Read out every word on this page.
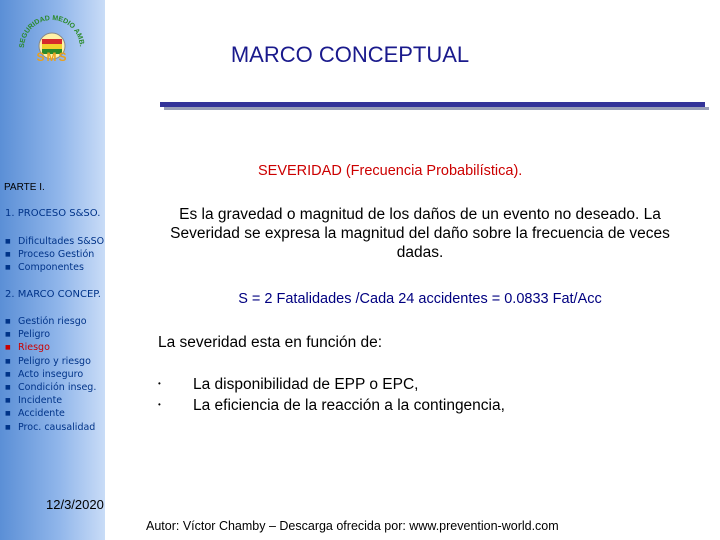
SEGURIDAD MEDIO AMB.
SMS	MARCO CONCEPTUAL
SEVERIDAD (Frecuencia Probabilística).
PARTE I.
1. PROCESO S&SO.
■ Dificultades S&SO
■ Proceso Gestión
■ Componentes
2. MARCO CONCEP.
■ Gestión riesgo
■ Peligro
■ Riesgo
■ Peligro y riesgo
■ Acto inseguro
■ Condición inseg.
■ Incidente
■ Accidente
■ Proc. causalidad
Es la gravedad o magnitud de los daños de un evento no deseado. La Severidad se expresa la magnitud del daño sobre la frecuencia de veces dadas.
S = 2 Fatalidades /Cada 24 accidentes = 0.0833 Fat/Acc
La severidad esta en función de:
• La disponibilidad de EPP o EPC,
• La eficiencia de la reacción a la contingencia,
12/3/2020
Autor: Víctor Chamby – Descarga ofrecida por: www.prevention-world.com
